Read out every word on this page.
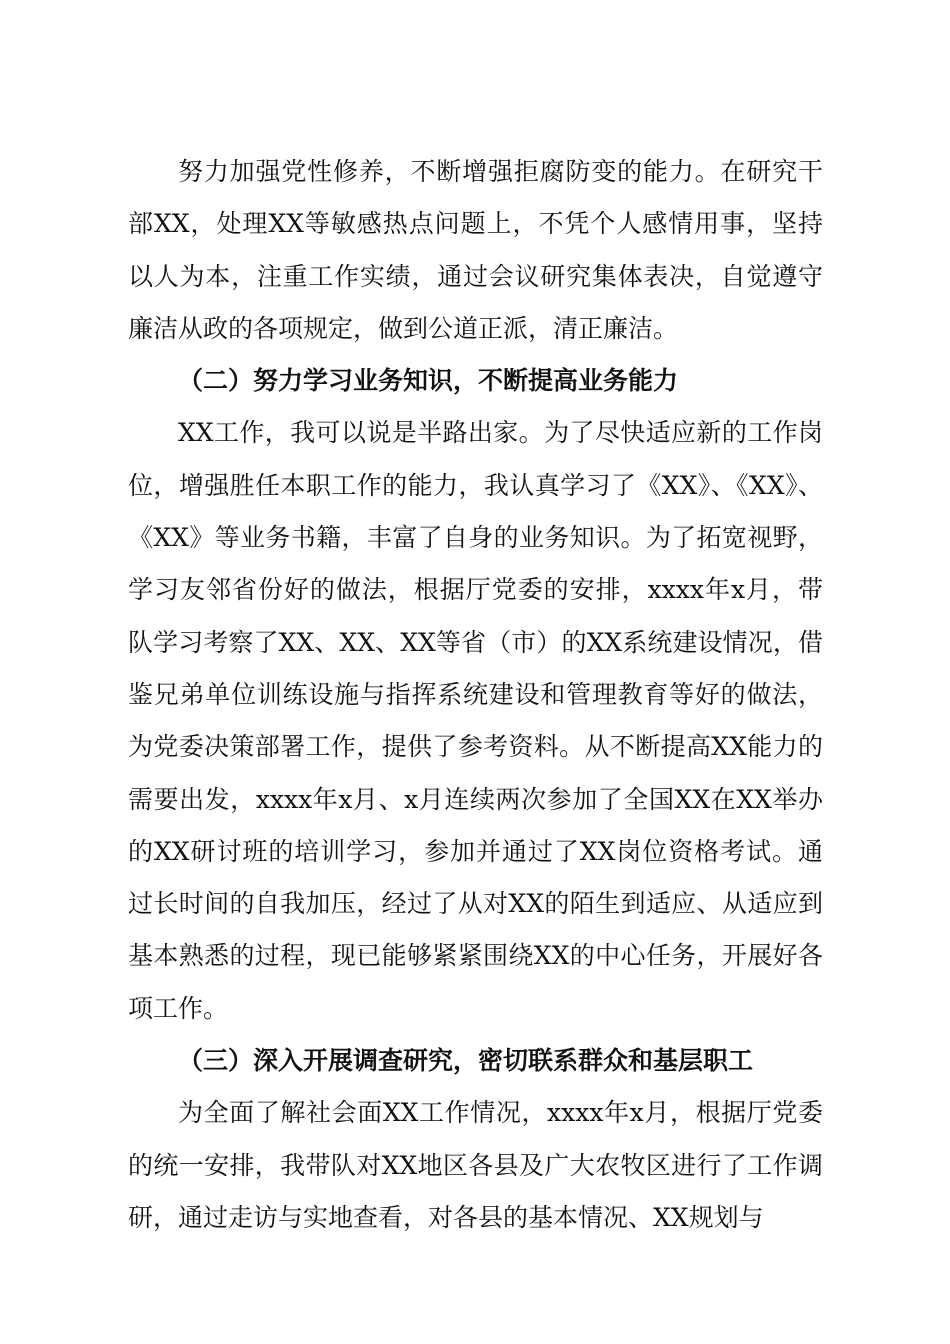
努力加强党性修养，不断增强拒腐防变的能力。在研究干部XX，处理XX等敏感热点问题上，不凭个人感情用事，坚持以人为本，注重工作实绩，通过会议研究集体表决，自觉遵守廉洁从政的各项规定，做到公道正派，清正廉洁。

（二）努力学习业务知识，不断提高业务能力

XX工作，我可以说是半路出家。为了尽快适应新的工作岗位，增强胜任本职工作的能力，我认真学习了《XX》、《XX》、《XX》等业务书籍，丰富了自身的业务知识。为了拓宽视野，学习友邻省份好的做法，根据厅党委的安排，xxxx年x月，带队学习考察了XX、XX、XX等省（市）的XX系统建设情况，借鉴兄弟单位训练设施与指挥系统建设和管理教育等好的做法，为党委决策部署工作，提供了参考资料。从不断提高XX能力的需要出发，xxxx年x月、x月连续两次参加了全国XX在XX举办的XX研讨班的培训学习，参加并通过了XX岗位资格考试。通过长时间的自我加压，经过了从对XX的陌生到适应、从适应到基本熟悉的过程，现已能够紧紧围绕XX的中心任务，开展好各项工作。

（三）深入开展调查研究，密切联系群众和基层职工

为全面了解社会面XX工作情况，xxxx年x月，根据厅党委的统一安排，我带队对XX地区各县及广大农牧区进行了工作调研，通过走访与实地查看，对各县的基本情况、XX规划与
